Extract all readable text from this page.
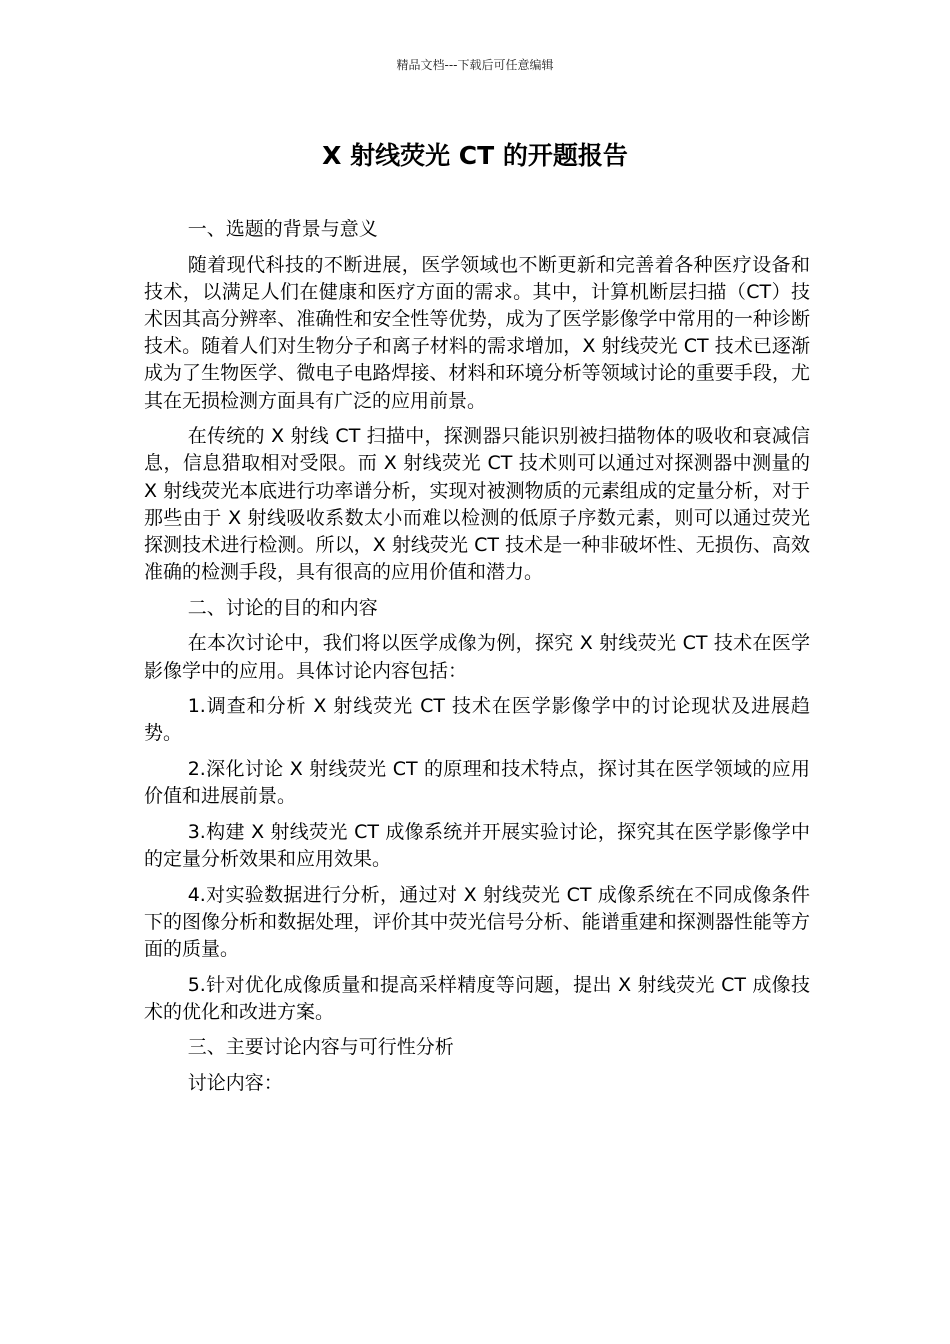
精品文档---下载后可任意编辑
X 射线荧光 CT 的开题报告

一、选题的背景与意义

随着现代科技的不断进展，医学领域也不断更新和完善着各种医疗设备和技术，以满足人们在健康和医疗方面的需求。其中，计算机断层扫描（CT）技术因其高分辨率、准确性和安全性等优势，成为了医学影像学中常用的一种诊断技术。随着人们对生物分子和离子材料的需求增加，X 射线荧光 CT 技术已逐渐成为了生物医学、微电子电路焊接、材料和环境分析等领域讨论的重要手段，尤其在无损检测方面具有广泛的应用前景。

在传统的 X 射线 CT 扫描中，探测器只能识别被扫描物体的吸收和衰减信息，信息猎取相对受限。而 X 射线荧光 CT 技术则可以通过对探测器中测量的 X 射线荧光本底进行功率谱分析，实现对被测物质的元素组成的定量分析，对于那些由于 X 射线吸收系数太小而难以检测的低原子序数元素，则可以通过荧光探测技术进行检测。所以，X 射线荧光 CT 技术是一种非破坏性、无损伤、高效准确的检测手段，具有很高的应用价值和潜力。

二、讨论的目的和内容

在本次讨论中，我们将以医学成像为例，探究 X 射线荧光 CT 技术在医学影像学中的应用。具体讨论内容包括：

1.调查和分析 X 射线荧光 CT 技术在医学影像学中的讨论现状及进展趋势。

2.深化讨论 X 射线荧光 CT 的原理和技术特点，探讨其在医学领域的应用价值和进展前景。

3.构建 X 射线荧光 CT 成像系统并开展实验讨论，探究其在医学影像学中的定量分析效果和应用效果。

4.对实验数据进行分析，通过对 X 射线荧光 CT 成像系统在不同成像条件下的图像分析和数据处理，评价其中荧光信号分析、能谱重建和探测器性能等方面的质量。

5.针对优化成像质量和提高采样精度等问题，提出 X 射线荧光 CT 成像技术的优化和改进方案。

三、主要讨论内容与可行性分析

讨论内容：
